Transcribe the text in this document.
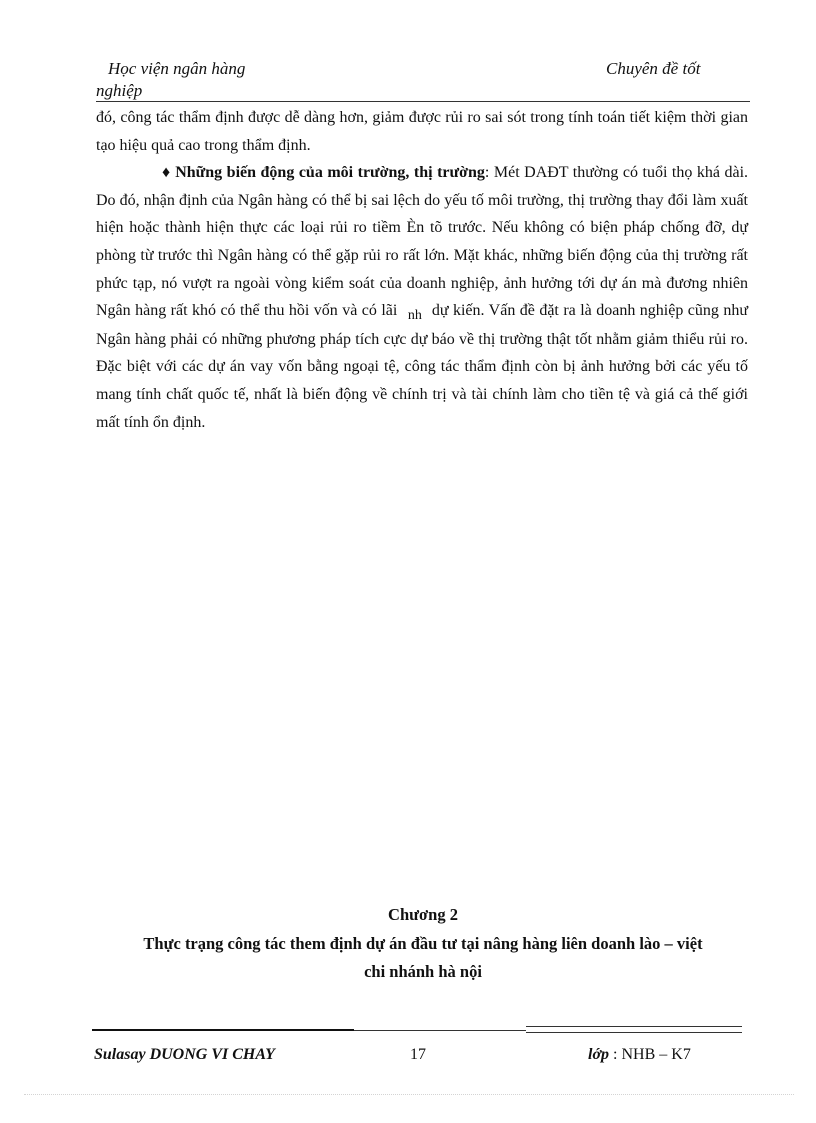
Học viện ngân hàng
nghiệp
Chuyên đề tốt

đó, công tác thẩm định được dễ dàng hơn, giảm được rủi ro sai sót trong tính toán tiết kiệm thời gian tạo hiệu quả cao trong thẩm định.

♦ Những biến động của môi trường, thị trường: Mét DAĐT thường có tuổi thọ khá dài. Do đó, nhận định của Ngân hàng có thể bị sai lệch do yếu tố môi trường, thị trường thay đổi làm xuất hiện hoặc thành hiện thực các loại rủi ro tiềm Èn tõ trước. Nếu không có biện pháp chống đỡ, dự phòng từ trước thì Ngân hàng có thể gặp rủi ro rất lớn. Mặt khác, những biến động của thị trường rất phức tạp, nó vượt ra ngoài vòng kiểm soát của doanh nghiệp, ảnh hưởng tới dự án mà đương nhiên Ngân hàng rất khó có thể thu hồi vốn và có lãi nh dự kiến. Vấn đề đặt ra là doanh nghiệp cũng như Ngân hàng phải có những phương pháp tích cực dự báo về thị trường thật tốt nhằm giảm thiểu rủi ro. Đặc biệt với các dự án vay vốn bằng ngoại tệ, công tác thẩm định còn bị ảnh hưởng bởi các yếu tố mang tính chất quốc tế, nhất là biến động về chính trị và tài chính làm cho tiền tệ và giá cả thế giới mất tính ổn định.

Chương 2
Thực trạng công tác them định dự án đầu tư tại nâng hàng liên doanh lào – việt
chi nhánh hà nội
Sulasay DUONG VI CHAY	17	lớp : NHB – K7
